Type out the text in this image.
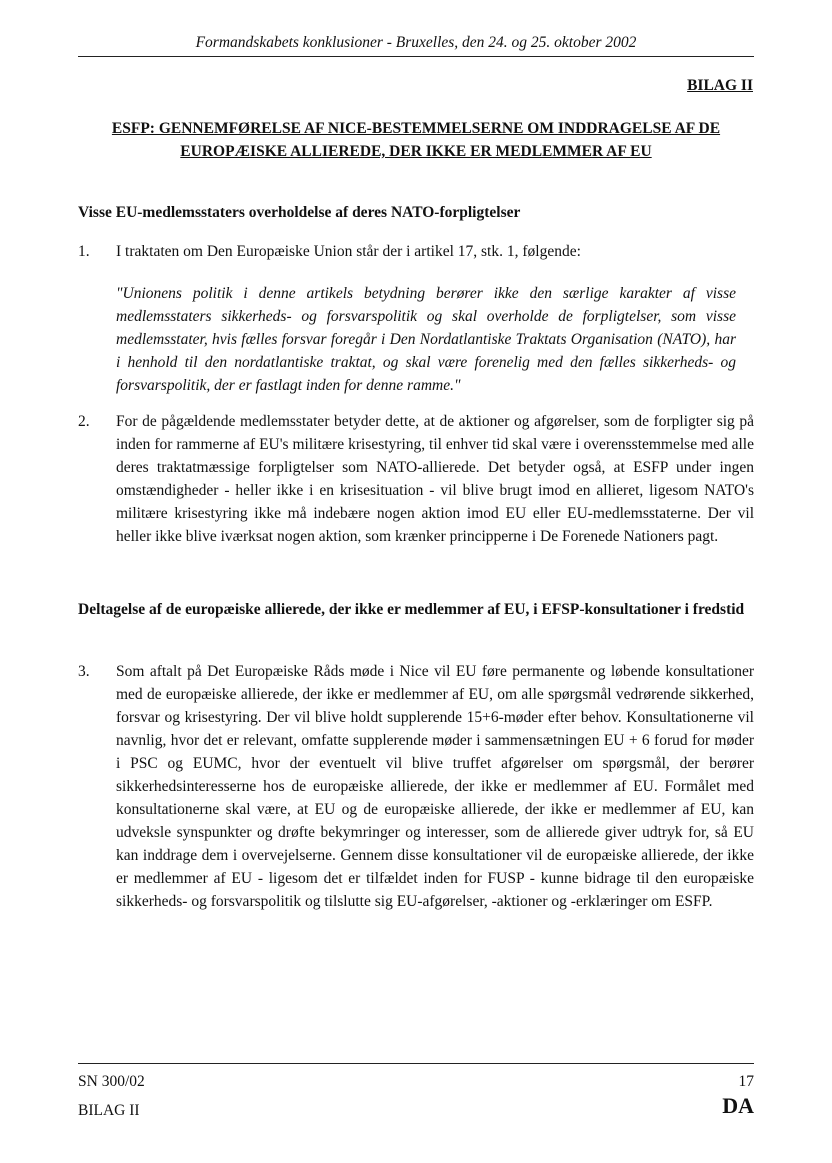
Formandskabets konklusioner - Bruxelles, den 24. og 25. oktober 2002
BILAG II
ESFP: GENNEMFØRELSE AF NICE-BESTEMMELSERNE OM INDDRAGELSE AF DE EUROPÆISKE ALLIEREDE, DER IKKE ER MEDLEMMER AF EU
Visse EU-medlemsstaters overholdelse af deres NATO-forpligtelser
1. I traktaten om Den Europæiske Union står der i artikel 17, stk. 1, følgende:
"Unionens politik i denne artikels betydning berører ikke den særlige karakter af visse medlemsstaters sikkerheds- og forsvarspolitik og skal overholde de forpligtelser, som visse medlemsstater, hvis fælles forsvar foregår i Den Nordatlantiske Traktats Organisation (NATO), har i henhold til den nordatlantiske traktat, og skal være forenelig med den fælles sikkerheds- og forsvarspolitik, der er fastlagt inden for denne ramme."
2. For de pågældende medlemsstater betyder dette, at de aktioner og afgørelser, som de forpligter sig på inden for rammerne af EU's militære krisestyring, til enhver tid skal være i overensstemmelse med alle deres traktatmæssige forpligtelser som NATO-allierede. Det betyder også, at ESFP under ingen omstændigheder - heller ikke i en krisesituation - vil blive brugt imod en allieret, ligesom NATO's militære krisestyring ikke må indebære nogen aktion imod EU eller EU-medlemsstaterne. Der vil heller ikke blive iværksat nogen aktion, som krænker principperne i De Forenede Nationers pagt.
Deltagelse af de europæiske allierede, der ikke er medlemmer af EU, i EFSP-konsultationer i fredstid
3. Som aftalt på Det Europæiske Råds møde i Nice vil EU føre permanente og løbende konsultationer med de europæiske allierede, der ikke er medlemmer af EU, om alle spørgsmål vedrørende sikkerhed, forsvar og krisestyring. Der vil blive holdt supplerende 15+6-møder efter behov. Konsultationerne vil navnlig, hvor det er relevant, omfatte supplerende møder i sammensætningen EU + 6 forud for møder i PSC og EUMC, hvor der eventuelt vil blive truffet afgørelser om spørgsmål, der berører sikkerhedsinteresserne hos de europæiske allierede, der ikke er medlemmer af EU. Formålet med konsultationerne skal være, at EU og de europæiske allierede, der ikke er medlemmer af EU, kan udveksle synspunkter og drøfte bekymringer og interesser, som de allierede giver udtryk for, så EU kan inddrage dem i overvejelserne. Gennem disse konsultationer vil de europæiske allierede, der ikke er medlemmer af EU - ligesom det er tilfældet inden for FUSP - kunne bidrage til den europæiske sikkerheds- og forsvarspolitik og tilslutte sig EU-afgørelser, -aktioner og -erklæringer om ESFP.
SN 300/02
BILAG II
17
DA
